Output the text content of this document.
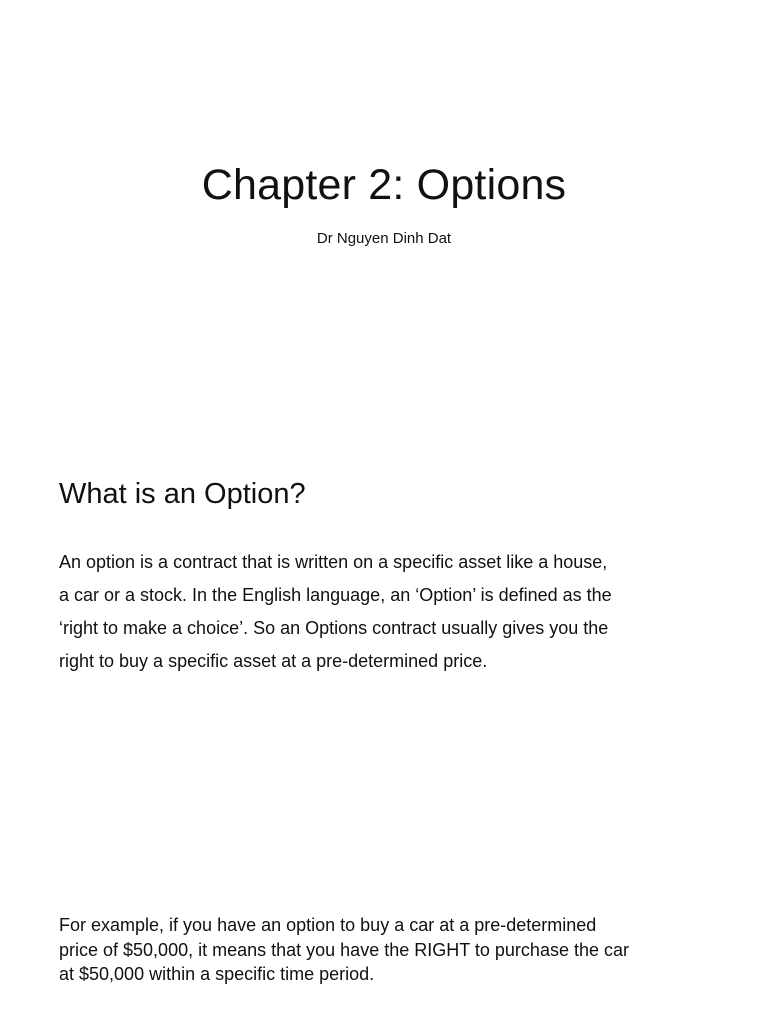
Chapter 2: Options
Dr Nguyen Dinh Dat
What is an Option?

An option is a contract that is written on a specific asset like a house,
a car or a stock. In the English language, an ‘Option’ is defined as the
‘right to make a choice’. So an Options contract usually gives you the
right to buy a specific asset at a pre-determined price.

For example, if you have an option to buy a car at a pre-determined
price of $50,000, it means that you have the RIGHT to purchase the car
at $50,000 within a specific time period.
